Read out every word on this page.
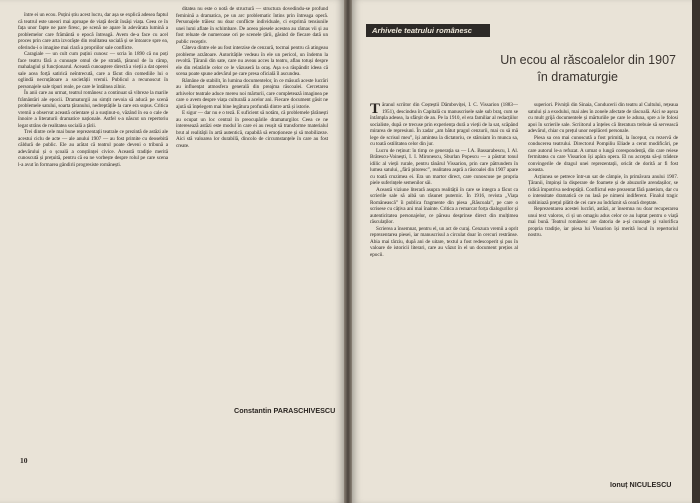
între ei un ecou. Puțini știu acest lucru, dar așa se explică adesea faptul că teatrul este uneori mai aproape de viață decât însăși viața. Ceea ce în fața unor fapte ne pare firesc, pe scenă ne apare în adevărata lumină a problemelor care frământă o epocă întreagă. Avem de-a face cu acel proces prin care arta izvorăște din realitatea socială și se întoarce spre ea, oferindu-i o imagine mai clară a propriilor sale conflicte.

Caragiale — un cult cum puțini cunosc — scria în 1890 că nu poți face teatru fără a cunoaște omul de pe stradă, țăranul de la câmp, mahalagiul și funcționarul. Această cunoaștere directă a vieții a dat operei sale acea forță satirică neîntrecută, care a făcut din comediile lui o oglindă necruțătoare a societății vremii. Publicul a recunoscut în personajele sale tipuri reale, pe care le întâlnea zilnic.

În anii care au urmat, teatrul românesc a continuat să vibreze la marile frământări ale epocii. Dramaturgii au simțit nevoia să aducă pe scenă problemele satului, soarta țăranului, nedreptățile la care era supus. Critica vremii a observat această orientare și a susținut-o, văzând în ea o cale de înnoire a literaturii dramatice naționale. Astfel s-a născut un repertoriu legat strâns de realitatea socială a țării.

Trei dintre cele mai bune reprezentații teatrale ce prezintă de astăzi ale acestui ciclu de acte — ale anului 1907 — au fost primite cu deosebită căldură de public. Ele au arătat că teatrul poate deveni o tribună a adevărului și o școală a conștiinței civice. Această tradiție merită cunoscută și prețuită, pentru că ea ne vorbește despre rolul pe care scena l-a avut în formarea gândirii progresiste românești.

ditatea nu este o notă de structură — structura dovedindu-se profund feminină a dramatica, pe un arc problematic întins prin întreaga operă. Personajele trăiesc nu doar conflicte individuale, ci exprimă tensiunile unei lumi aflate în schimbare. De aceea piesele acestea au rămas vii și au fost reluate de numeroase ori pe scenele țării, găsind de fiecare dată un public receptiv.

Câteva dintre ele au fost interzise de cenzură, tocmai pentru că atingeau probleme arzătoare. Autoritățile vedeau în ele un pericol, un îndemn la revoltă. Țăranii din sate, care nu aveau acces la teatru, aflau totuși despre ele din relatările celor ce le văzuseră la oraș. Așa s-a răspândit ideea că scena poate spune adevărul pe care presa oficială îl ascundea.

Rămâne de stabilit, în lumina documentelor, în ce măsură aceste lucrări au influențat atmosfera generală din preajma răscoalei. Cercetarea arhivelor teatrale aduce mereu noi mărturii, care completează imaginea pe care o avem despre viața culturală a acelor ani. Fiecare document găsit ne ajută să înțelegem mai bine legătura profundă dintre artă și istorie.

E sigur — dar nu e o teză. E suficient să notăm, că problemele țărănești au ocupat un loc central în preocupările dramaturgilor. Ceea ce ne interesează astăzi este modul în care ei au reușit să transforme materialul brut al realității în artă autentică, capabilă să emoționeze și să mobilizeze. Aici stă valoarea lor durabilă, dincolo de circumstanțele în care au fost create.

Constantin PARASCHIVESCU
10
Arhivele teatrului românesc
Un ecou al răscoalelor din 1907
în dramaturgie

Tăranul scriitor din Coșteștii Dâmboviței, I. C. Vissarion (1883—1951), descindea în Capitală cu manuscrisele sale sub braț, cum se întâmpla adesea, la sfârșit de an. Pe la 1910, el era familiar al redacțiilor socialiste, după ce trecuse prin experiența dură a vieții de la sat, scăpând mirarea de represiuni. În zadar „am bătut pragul cenzurii, mai cu să mă lege de scrisul meu”, își amintea la dictatoriu, ce stăruiam în munca sa, cu toată ostilitatea celor din jur.

Lucru de reținut: în timp ce generația sa — I.A. Bassarabescu, I. Al. Brătescu-Voinești, I. I. Mironescu, Sburlan Popescu — a păstrat tonul idilic al vieții rurale, pentru tânărul Vissarion, prin care pătrundem în lumea satului, „fără pitoresc”, realitatea aspră a răscoalei din 1907 apare cu toată cruzimea ei. Era un martor direct, care cunoscuse pe propria piele suferințele semenilor săi.

Această viziune literară asupra realității în care se integra a făcut ca scrierile sale să aibă un răsunet puternic. În 1916, revista „Viața Românească” îi publica fragmente din piesa „Răscoala”, pe care o scrisese cu câțiva ani mai înainte. Critica a remarcat forța dialogurilor și autenticitatea personajelor, ce păreau desprinse direct din mulțimea răsculaților.

Scrierea a însemnat, pentru el, un act de curaj. Cenzura vremii a oprit reprezentarea piesei, iar manuscrisul a circulat doar în cercuri restrânse. Abia mai târziu, după ani de uitare, textul a fost redescoperit și pus în valoare de istoricii literari, care au văzut în el un document prețios al epocii.

superiori. Pivniții din Sinaia, Conducerii din teatru al Cultului, rețeaua satului și a exodului, mai ales în zonele afectate de răscoală. Aici se așeza cu mult grijă documentele și mărturiile pe care le aduna, spre a le folosi apoi în scrierile sale. Scriitorul a înțeles că literatura trebuie să servească adevărul, chiar cu prețul unor neplăceri personale.

Piesa sa cea mai cunoscută a fost primită, la început, cu rezervă de conducerea teatrului. Directorul Pompiliu Eliade a cerut modificări, pe care autorul le-a refuzat. A urmat o lungă corespondență, din care reiese fermitatea cu care Vissarion își apăra opera. El nu accepta să-și trădeze convingerile de dragul unei reprezentații, oricât de dorită ar fi fost aceasta.

Acțiunea se petrece într-un sat de câmpie, în primăvara anului 1907. Țăranii, împinși la disperare de foamete și de abuzurile arendașilor, se ridică împotriva nedreptății. Conflictul este prezentat fără patetism, dar cu o intensitate dramatică ce nu lasă pe nimeni indiferent. Finalul tragic subliniază prețul plătit de cei care au îndrăznit să ceară dreptate.

Reprezentarea acestei lucrări, astăzi, ar însemna nu doar recuperarea unui text valoros, ci și un omagiu adus celor ce au luptat pentru o viață mai bună. Teatrul românesc are datoria de a-și cunoaște și valorifica propria tradiție, iar piesa lui Vissarion își merită locul în repertoriul nostru.

Ionuț NICULESCU
